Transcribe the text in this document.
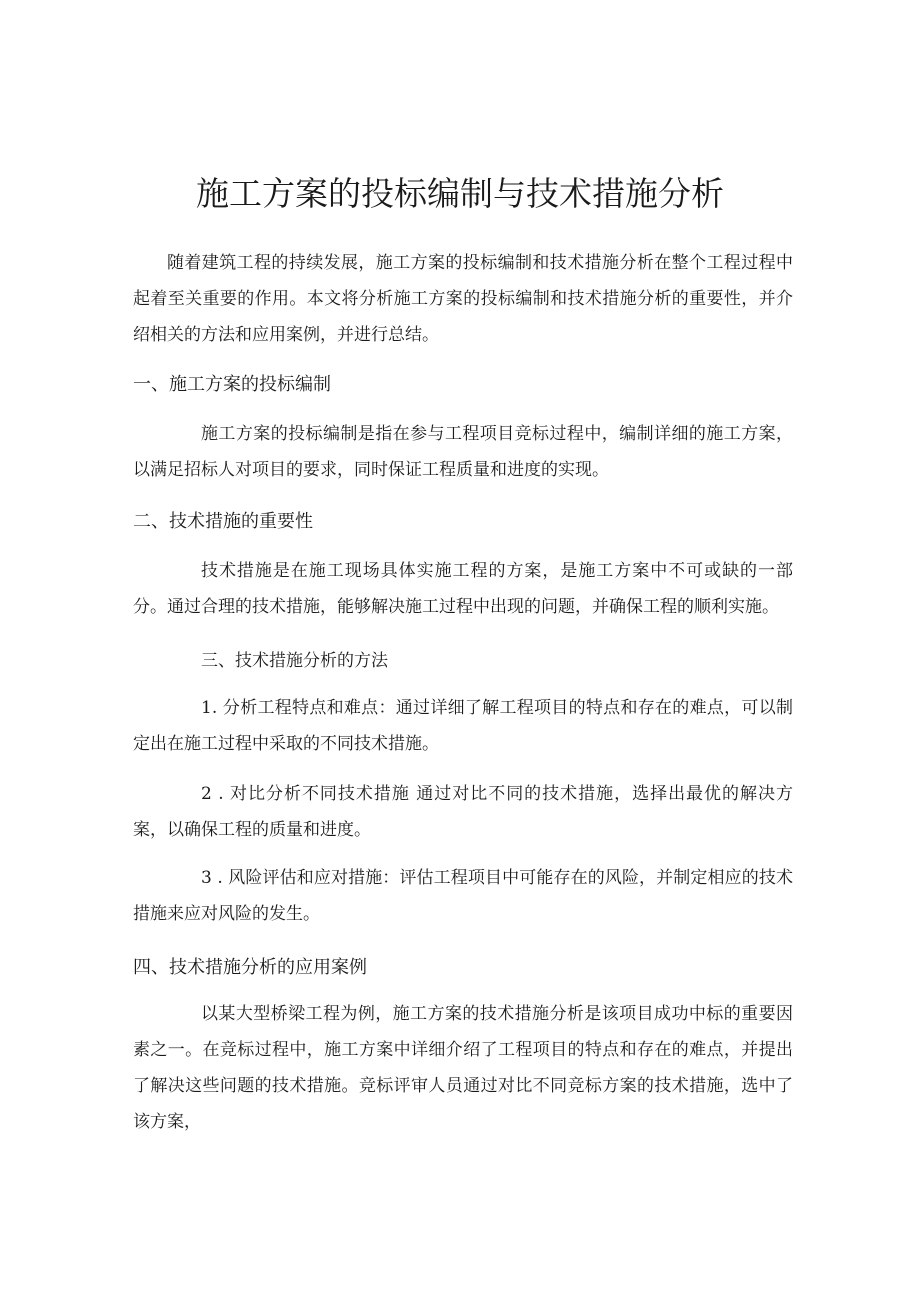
施工方案的投标编制与技术措施分析

随着建筑工程的持续发展，施工方案的投标编制和技术措施分析在整个工程过程中起着至关重要的作用。本文将分析施工方案的投标编制和技术措施分析的重要性，并介绍相关的方法和应用案例，并进行总结。

一、施工方案的投标编制

施工方案的投标编制是指在参与工程项目竞标过程中，编制详细的施工方案，以满足招标人对项目的要求，同时保证工程质量和进度的实现。

二、技术措施的重要性

技术措施是在施工现场具体实施工程的方案，是施工方案中不可或缺的一部分。通过合理的技术措施，能够解决施工过程中出现的问题，并确保工程的顺利实施。

三、技术措施分析的方法

1. 分析工程特点和难点：通过详细了解工程项目的特点和存在的难点，可以制定出在施工过程中采取的不同技术措施。

2 . 对比分析不同技术措施 通过对比不同的技术措施，选择出最优的解决方案，以确保工程的质量和进度。

3 . 风险评估和应对措施：评估工程项目中可能存在的风险，并制定相应的技术措施来应对风险的发生。

四、技术措施分析的应用案例

以某大型桥梁工程为例，施工方案的技术措施分析是该项目成功中标的重要因素之一。在竞标过程中，施工方案中详细介绍了工程项目的特点和存在的难点，并提出了解决这些问题的技术措施。竞标评审人员通过对比不同竞标方案的技术措施，选中了该方案，
